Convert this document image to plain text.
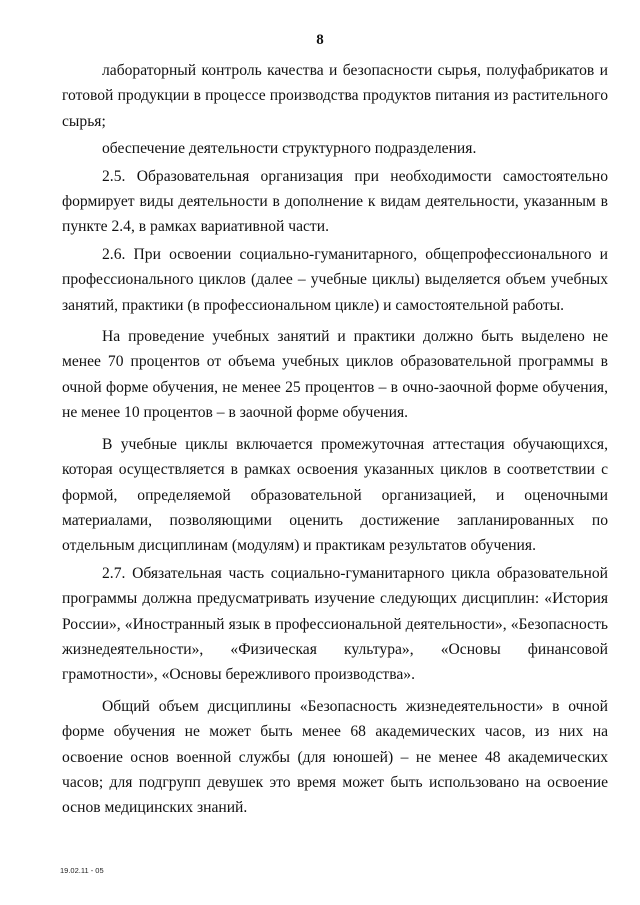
8

лабораторный контроль качества и безопасности сырья, полуфабрикатов и готовой продукции в процессе производства продуктов питания из растительного сырья;

обеспечение деятельности структурного подразделения.

2.5. Образовательная организация при необходимости самостоятельно формирует виды деятельности в дополнение к видам деятельности, указанным в пункте 2.4, в рамках вариативной части.

2.6. При освоении социально-гуманитарного, общепрофессионального и профессионального циклов (далее – учебные циклы) выделяется объем учебных занятий, практики (в профессиональном цикле) и самостоятельной работы.

На проведение учебных занятий и практики должно быть выделено не менее 70 процентов от объема учебных циклов образовательной программы в очной форме обучения, не менее 25 процентов – в очно-заочной форме обучения, не менее 10 процентов – в заочной форме обучения.

В учебные циклы включается промежуточная аттестация обучающихся, которая осуществляется в рамках освоения указанных циклов в соответствии с формой, определяемой образовательной организацией, и оценочными материалами, позволяющими оценить достижение запланированных по отдельным дисциплинам (модулям) и практикам результатов обучения.

2.7. Обязательная часть социально-гуманитарного цикла образовательной программы должна предусматривать изучение следующих дисциплин: «История России», «Иностранный язык в профессиональной деятельности», «Безопасность жизнедеятельности», «Физическая культура», «Основы финансовой грамотности», «Основы бережливого производства».

Общий объем дисциплины «Безопасность жизнедеятельности» в очной форме обучения не может быть менее 68 академических часов, из них на освоение основ военной службы (для юношей) – не менее 48 академических часов; для подгрупп девушек это время может быть использовано на освоение основ медицинских знаний.

19.02.11 - 05
